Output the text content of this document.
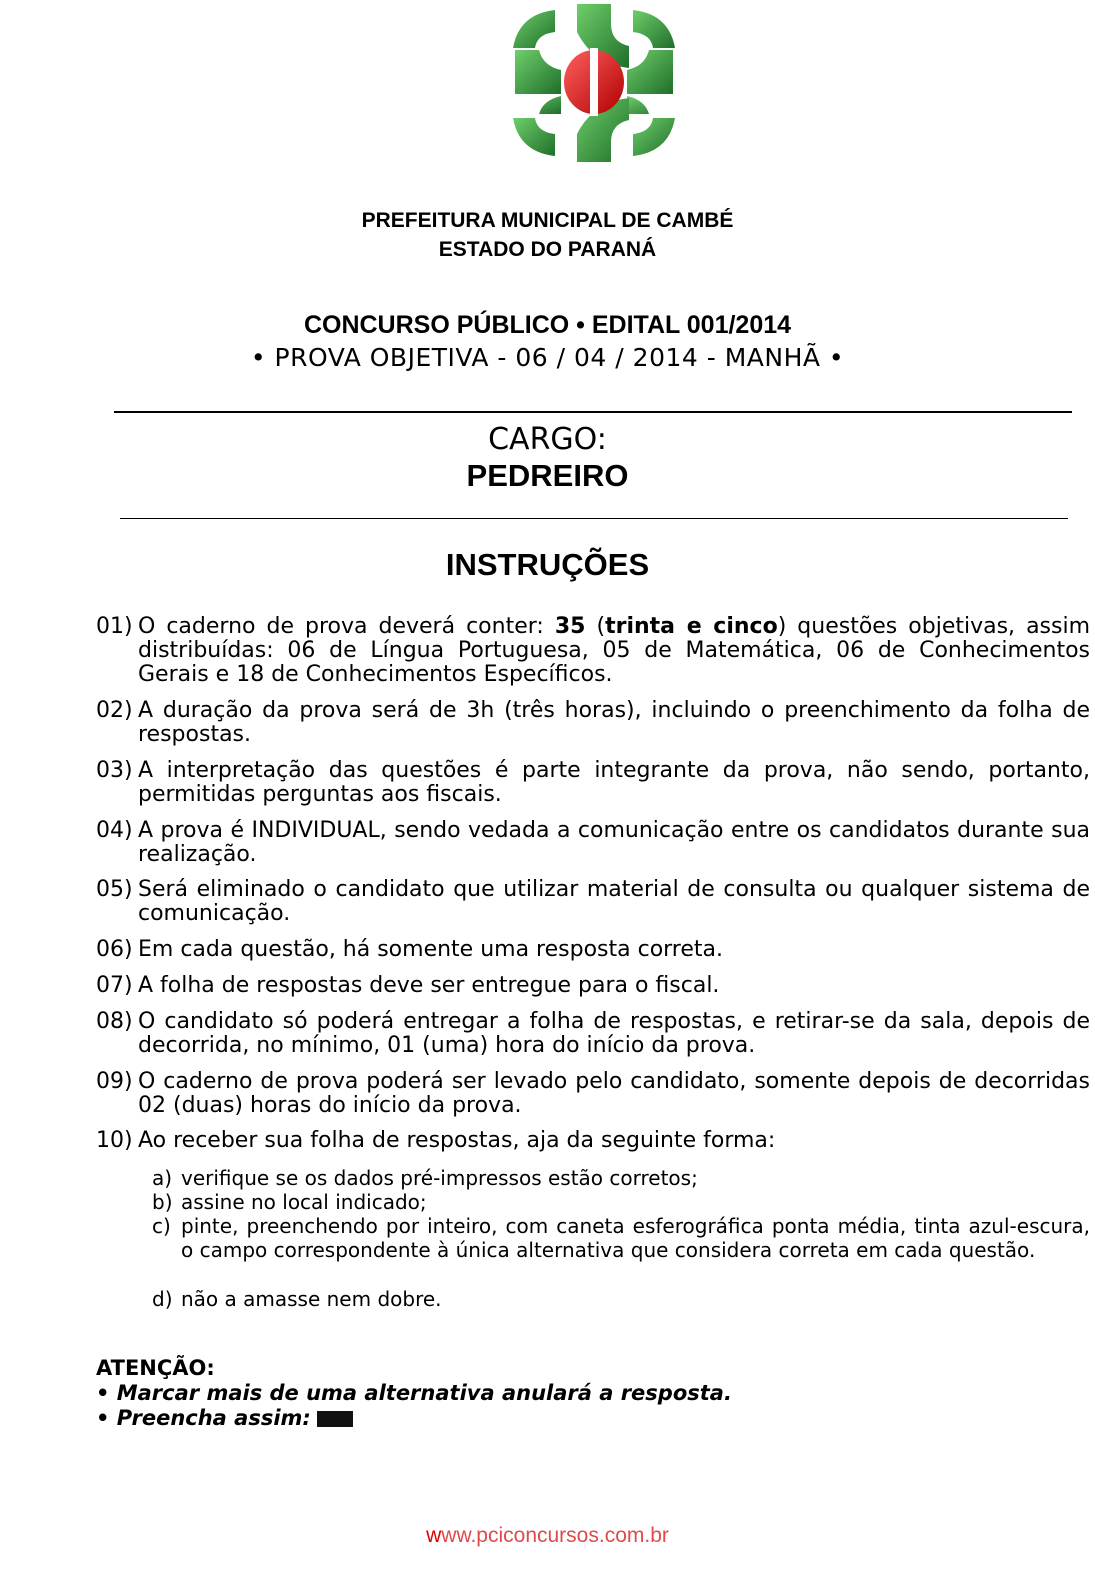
PREFEITURA MUNICIPAL DE CAMBÉ
ESTADO DO PARANÁ
CONCURSO PÚBLICO • EDITAL 001/2014
• PROVA OBJETIVA - 06 / 04 / 2014 - MANHÃ •
CARGO:
PEDREIRO
INSTRUÇÕES
01) O caderno de prova deverá conter: 35 (trinta e cinco) questões objetivas, assim distribuídas: 06 de Língua Portuguesa, 05 de Matemática, 06 de Conhecimentos Gerais e 18 de Conhecimentos Específicos.
02) A duração da prova será de 3h (três horas), incluindo o preenchimento da folha de respostas.
03) A interpretação das questões é parte integrante da prova, não sendo, portanto, permitidas perguntas aos fiscais.
04) A prova é INDIVIDUAL, sendo vedada a comunicação entre os candidatos durante sua realização.
05) Será eliminado o candidato que utilizar material de consulta ou qualquer sistema de comunicação.
06) Em cada questão, há somente uma resposta correta.
07) A folha de respostas deve ser entregue para o fiscal.
08) O candidato só poderá entregar a folha de respostas, e retirar-se da sala, depois de decorrida, no mínimo, 01 (uma) hora do início da prova.
09) O caderno de prova poderá ser levado pelo candidato, somente depois de decorridas 02 (duas) horas do início da prova.
10) Ao receber sua folha de respostas, aja da seguinte forma:
a) verifique se os dados pré-impressos estão corretos;
b) assine no local indicado;
c) pinte, preenchendo por inteiro, com caneta esferográfica ponta média, tinta azul-escura, o campo correspondente à única alternativa que considera correta em cada questão.
d) não a amasse nem dobre.
ATENÇÃO:
• Marcar mais de uma alternativa anulará a resposta.
• Preencha assim:
www.pciconcursos.com.br
